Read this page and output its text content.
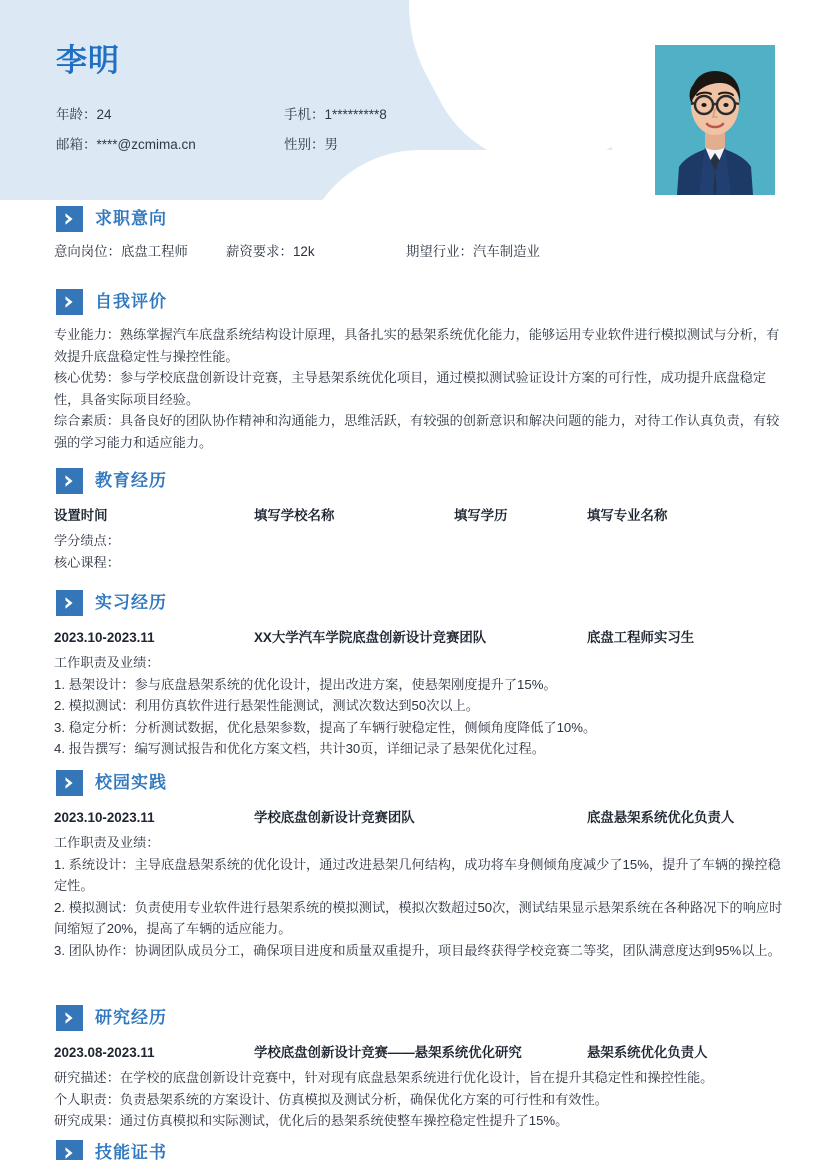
李明
年龄：24	手机：1*********8
邮箱：****@zcmima.cn	性别：男
求职意向
意向岗位：底盘工程师	薪资要求：12k	期望行业：汽车制造业
自我评价

专业能力：熟练掌握汽车底盘系统结构设计原理，具备扎实的悬架系统优化能力，能够运用专业软件进行模拟测试与分析，有效提升底盘稳定性与操控性能。

核心优势：参与学校底盘创新设计竞赛，主导悬架系统优化项目，通过模拟测试验证设计方案的可行性，成功提升底盘稳定性，具备实际项目经验。

综合素质：具备良好的团队协作精神和沟通能力，思维活跃，有较强的创新意识和解决问题的能力，对待工作认真负责，有较强的学习能力和适应能力。

教育经历
设置时间	填写学校名称	填写学历	填写专业名称
学分绩点：
核心课程：
实习经历
2023.10-2023.11	XX大学汽车学院底盘创新设计竞赛团队	底盘工程师实习生

工作职责及业绩：

1. 悬架设计：参与底盘悬架系统的优化设计，提出改进方案，使悬架刚度提升了15%。

2. 模拟测试：利用仿真软件进行悬架性能测试，测试次数达到50次以上。

3. 稳定分析：分析测试数据，优化悬架参数，提高了车辆行驶稳定性，侧倾角度降低了10%。

4. 报告撰写：编写测试报告和优化方案文档，共计30页，详细记录了悬架优化过程。

校园实践
2023.10-2023.11	学校底盘创新设计竞赛团队	底盘悬架系统优化负责人

工作职责及业绩：

1. 系统设计：主导底盘悬架系统的优化设计，通过改进悬架几何结构，成功将车身侧倾角度减少了15%，提升了车辆的操控稳定性。

2. 模拟测试：负责使用专业软件进行悬架系统的模拟测试，模拟次数超过50次，测试结果显示悬架系统在各种路况下的响应时间缩短了20%，提高了车辆的适应能力。

3. 团队协作：协调团队成员分工，确保项目进度和质量双重提升，项目最终获得学校竞赛二等奖，团队满意度达到95%以上。

研究经历
2023.08-2023.11	学校底盘创新设计竞赛——悬架系统优化研究	悬架系统优化负责人

研究描述：在学校的底盘创新设计竞赛中，针对现有底盘悬架系统进行优化设计，旨在提升其稳定性和操控性能。

个人职责：负责悬架系统的方案设计、仿真模拟及测试分析，确保优化方案的可行性和有效性。

研究成果：通过仿真模拟和实际测试，优化后的悬架系统使整车操控稳定性提升了15%。

技能证书
